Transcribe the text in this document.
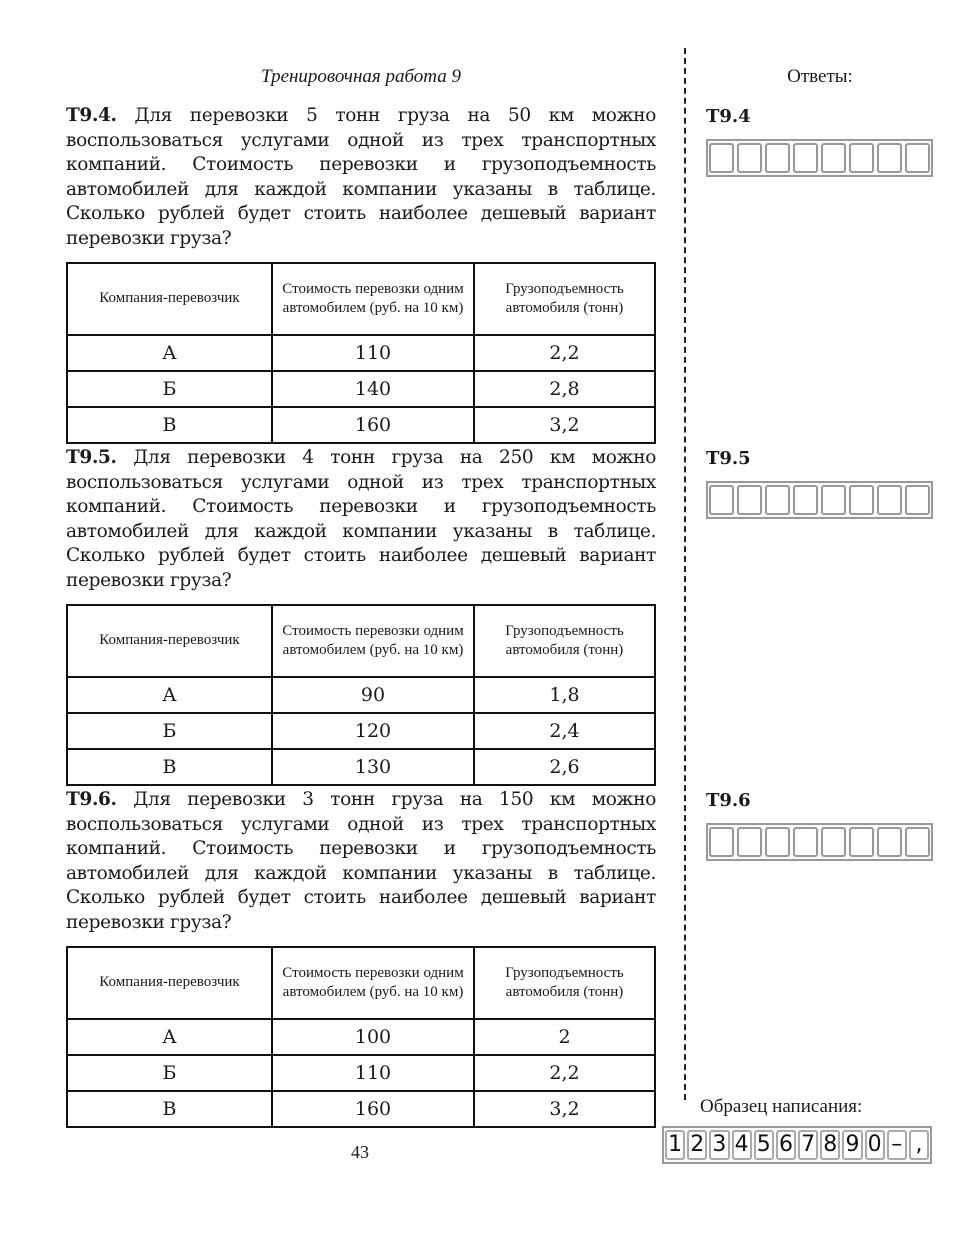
Тренировочная работа 9	Ответы:

T9.4. Для перевозки 5 тонн груза на 50 км можно воспользоваться услугами одной из трех транспортных компаний. Стоимость перевозки и грузоподъемность автомобилей для каждой компании указаны в таблице. Сколько рублей будет стоить наиболее дешевый вариант перевозки груза?

Компания-перевозчик	Стоимость перевозки одним автомобилем (руб. на 10 км)	Грузоподъемность автомобиля (тонн)
А	110	2,2
Б	140	2,8
В	160	3,2

T9.5. Для перевозки 4 тонн груза на 250 км можно воспользоваться услугами одной из трех транспортных компаний. Стоимость перевозки и грузоподъемность автомобилей для каждой компании указаны в таблице. Сколько рублей будет стоить наиболее дешевый вариант перевозки груза?

Компания-перевозчик	Стоимость перевозки одним автомобилем (руб. на 10 км)	Грузоподъемность автомобиля (тонн)
А	90	1,8
Б	120	2,4
В	130	2,6

T9.6. Для перевозки 3 тонн груза на 150 км можно воспользоваться услугами одной из трех транспортных компаний. Стоимость перевозки и грузоподъемность автомобилей для каждой компании указаны в таблице. Сколько рублей будет стоить наиболее дешевый вариант перевозки груза?

Компания-перевозчик	Стоимость перевозки одним автомобилем (руб. на 10 км)	Грузоподъемность автомобиля (тонн)
А	100	2
Б	110	2,2
В	160	3,2
T9.4
T9.5
T9.6
Образец написания:
1 2 3 4 5 6 7 8 9 0 – ,
43
